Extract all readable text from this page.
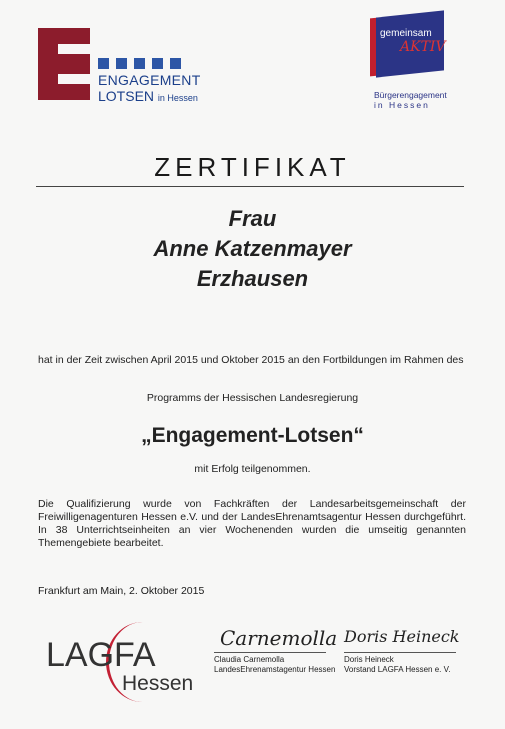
ENGAGEMENT
LOTSEN in Hessen
gemeinsam
AKTIV
Bürgerengagement
in Hessen
ZERTIFIKAT
Frau
Anne Katzenmayer
Erzhausen
hat in der Zeit zwischen April 2015 und Oktober 2015 an den Fortbildungen im Rahmen des
Programms der Hessischen Landesregierung
„Engagement-Lotsen“
mit Erfolg teilgenommen.
Die Qualifizierung wurde von Fachkräften der Landesarbeitsgemeinschaft der Freiwilligenagenturen Hessen e.V. und der LandesEhrenamtsagentur Hessen durchgeführt. In 38 Unterrichtseinheiten an vier Wochenenden wurden die umseitig genannten Themengebiete bearbeitet.
Frankfurt am Main, 2. Oktober 2015
LAGFA
Hessen
Carnemolla
Claudia Carnemolla
LandesEhrenamstagentur Hessen
Doris Heineck
Doris Heineck
Vorstand LAGFA Hessen e. V.
